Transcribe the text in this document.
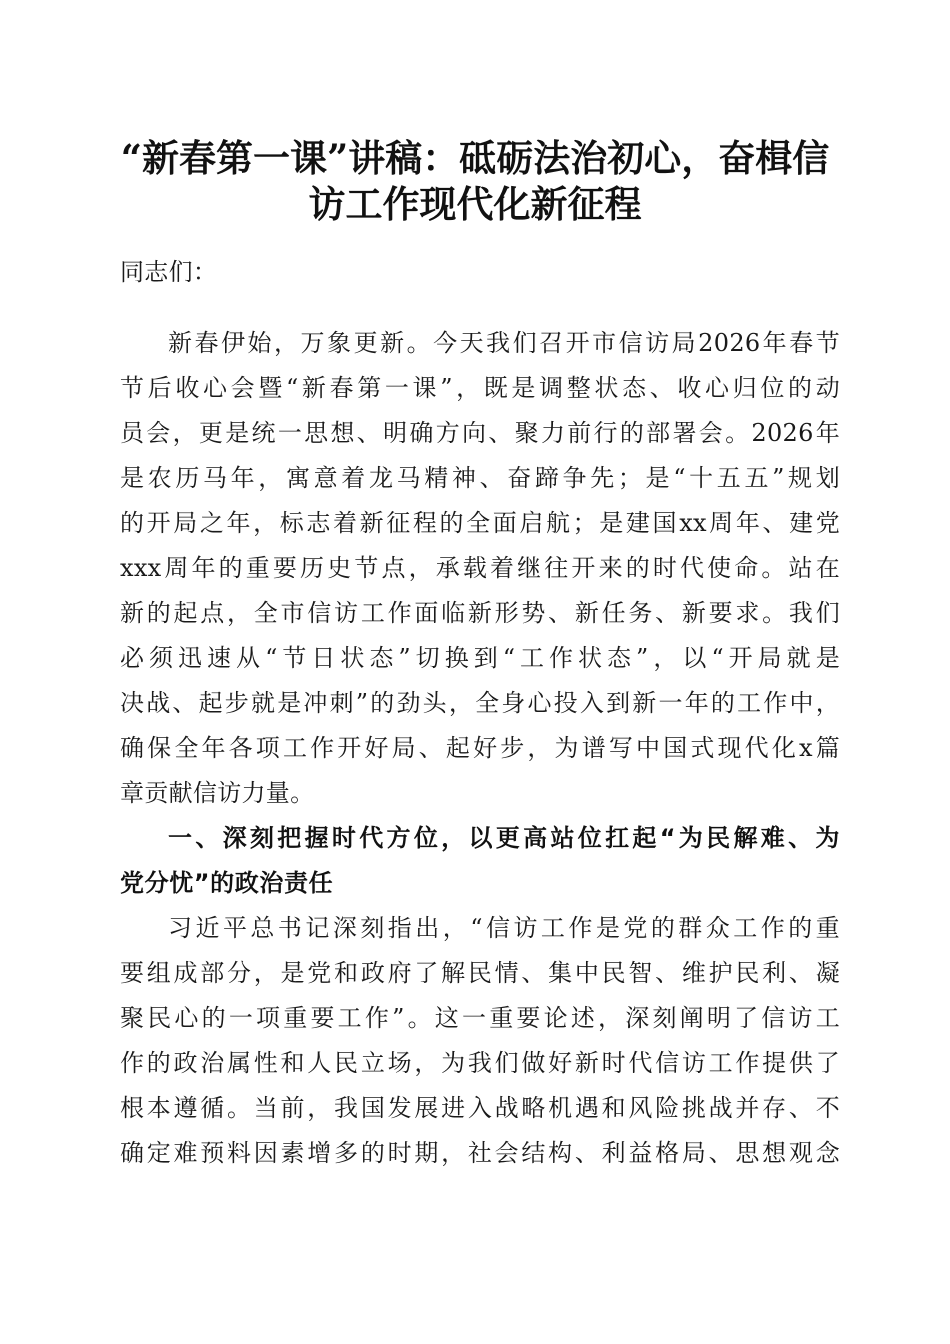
“新春第一课”讲稿：砥砺法治初心，奋楫信
访工作现代化新征程
同志们：
新春伊始，万象更新。今天我们召开市信访局2026年春节
节后收心会暨“新春第一课”，既是调整状态、收心归位的动
员会，更是统一思想、明确方向、聚力前行的部署会。2026年
是农历马年，寓意着龙马精神、奋蹄争先；是“十五五”规划
的开局之年，标志着新征程的全面启航；是建国xx周年、建党
xxx周年的重要历史节点，承载着继往开来的时代使命。站在
新的起点，全市信访工作面临新形势、新任务、新要求。我们
必须迅速从“节日状态”切换到“工作状态”，以“开局就是
决战、起步就是冲刺”的劲头，全身心投入到新一年的工作中，
确保全年各项工作开好局、起好步，为谱写中国式现代化x篇
章贡献信访力量。
一、深刻把握时代方位，以更高站位扛起“为民解难、为
党分忧”的政治责任
习近平总书记深刻指出，“信访工作是党的群众工作的重
要组成部分，是党和政府了解民情、集中民智、维护民利、凝
聚民心的一项重要工作”。这一重要论述，深刻阐明了信访工
作的政治属性和人民立场，为我们做好新时代信访工作提供了
根本遵循。当前，我国发展进入战略机遇和风险挑战并存、不
确定难预料因素增多的时期，社会结构、利益格局、思想观念
